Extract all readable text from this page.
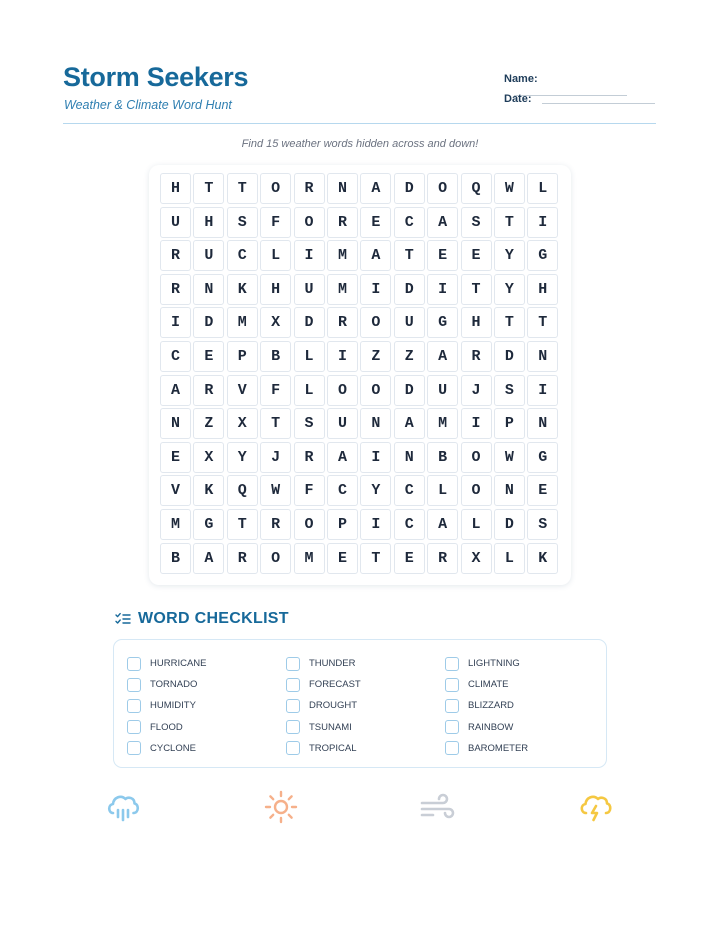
Storm Seekers
Weather & Climate Word Hunt
Name:
Date:
Find 15 weather words hidden across and down!
H	T	T	O	R	N	A	D	O	Q	W	L
U	H	S	F	O	R	E	C	A	S	T	I
R	U	C	L	I	M	A	T	E	E	Y	G
R	N	K	H	U	M	I	D	I	T	Y	H
I	D	M	X	D	R	O	U	G	H	T	T
C	E	P	B	L	I	Z	Z	A	R	D	N
A	R	V	F	L	O	O	D	U	J	S	I
N	Z	X	T	S	U	N	A	M	I	P	N
E	X	Y	J	R	A	I	N	B	O	W	G
V	K	Q	W	F	C	Y	C	L	O	N	E
M	G	T	R	O	P	I	C	A	L	D	S
B	A	R	O	M	E	T	E	R	X	L	K
WORD CHECKLIST
HURRICANE	THUNDER	LIGHTNING
TORNADO	FORECAST	CLIMATE
HUMIDITY	DROUGHT	BLIZZARD
FLOOD	TSUNAMI	RAINBOW
CYCLONE	TROPICAL	BAROMETER
